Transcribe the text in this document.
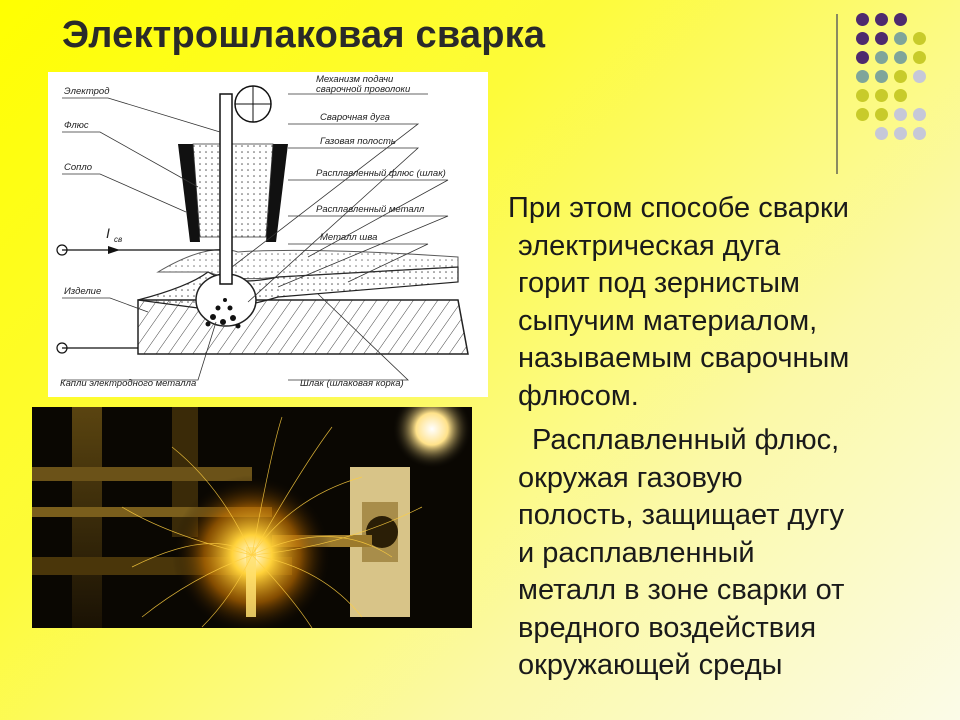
Электрошлаковая сварка
I св
Электрод
Флюс
Сопло
Изделие
Капли электродного металла
Механизм подачи
сварочной проволоки
Сварочная дуга
Газовая полость
Расплавленный флюс (шлак)
Расплавленный металл
Металл шва
Шлак (шлаковая корка)
При этом способе сварки
электрическая дуга
горит под зернистым
сыпучим материалом,
называемым сварочным
флюсом.
Расплавленный флюс,
окружая газовую
полость, защищает дугу
и расплавленный
металл в зоне сварки от
вредного воздействия
окружающей среды
